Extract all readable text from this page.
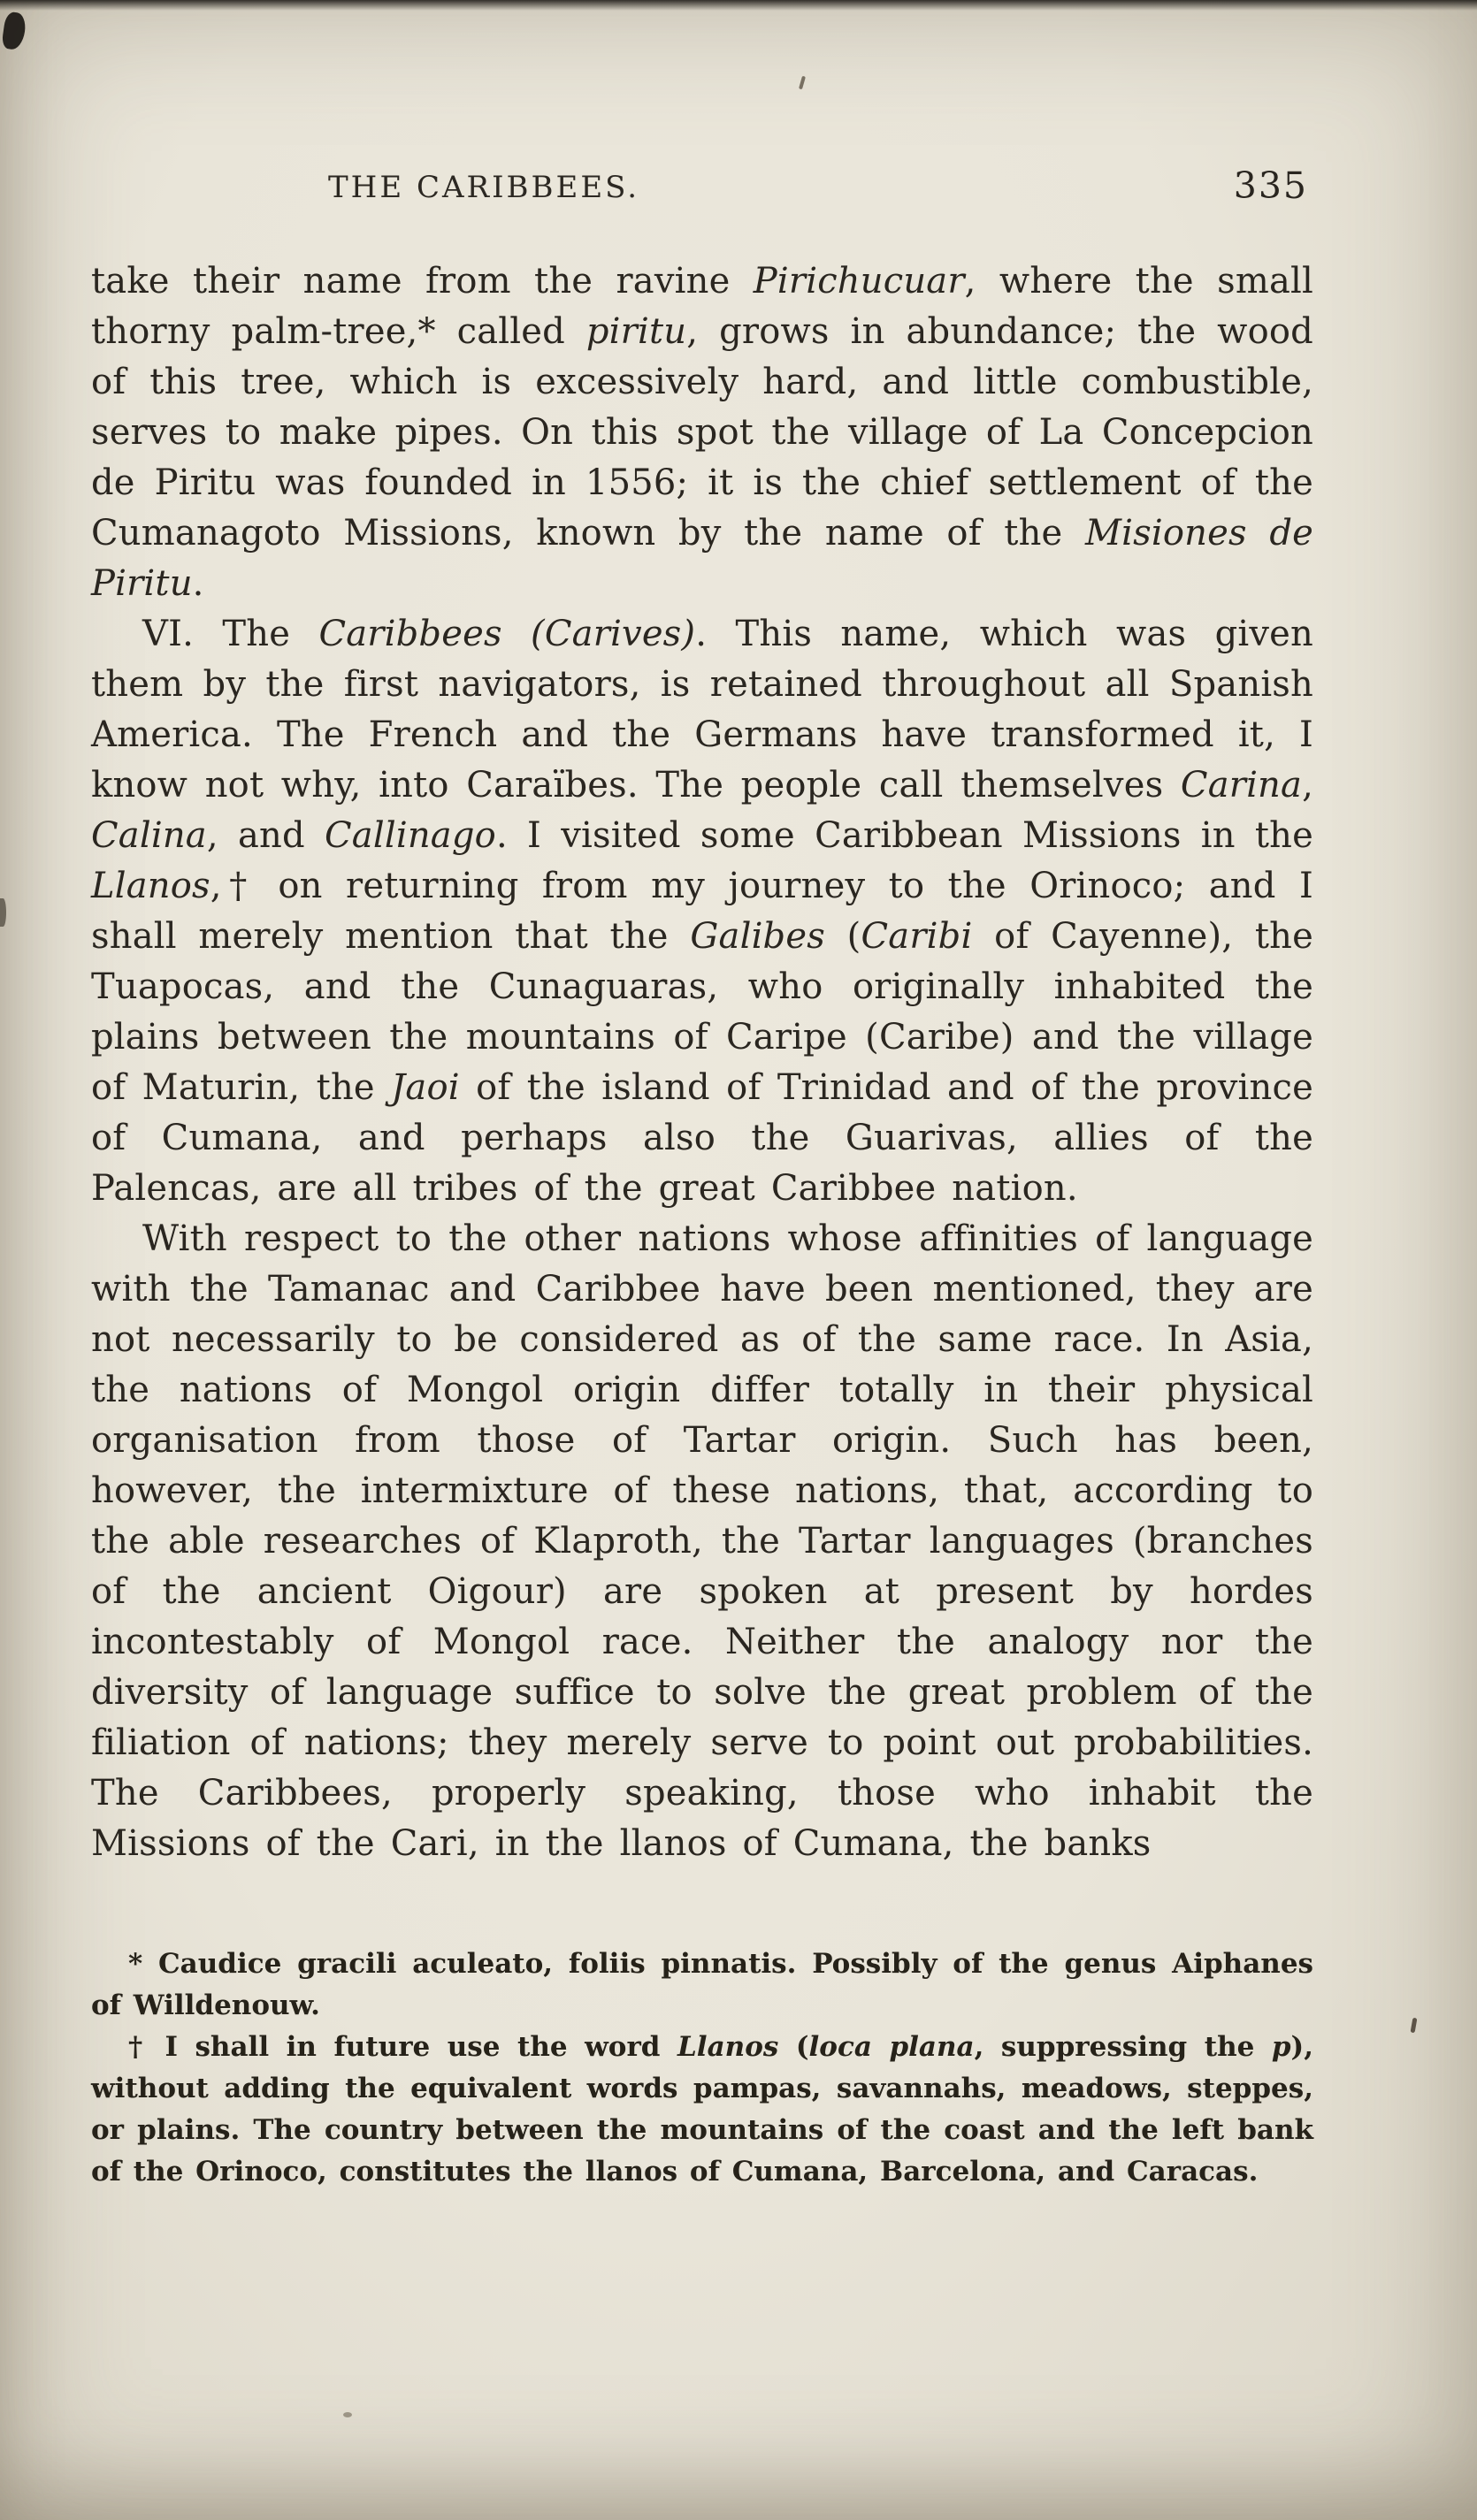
THE CARIBBEES.	335

take their name from the ravine Pirichucuar, where the small thorny palm-tree,* called piritu, grows in abundance; the wood of this tree, which is excessively hard, and little combustible, serves to make pipes. On this spot the village of La Concepcion de Piritu was founded in 1556; it is the chief settlement of the Cumanagoto Missions, known by the name of the Misiones de Piritu.

VI. The Caribbees (Carives). This name, which was given them by the first navigators, is retained throughout all Spanish America. The French and the Germans have transformed it, I know not why, into Caraïbes. The people call themselves Carina, Calina, and Callinago. I visited some Caribbean Missions in the Llanos,† on returning from my journey to the Orinoco; and I shall merely mention that the Galibes (Caribi of Cayenne), the Tuapocas, and the Cunaguaras, who originally inhabited the plains between the mountains of Caripe (Caribe) and the village of Maturin, the Jaoi of the island of Trinidad and of the province of Cumana, and perhaps also the Guarivas, allies of the Palencas, are all tribes of the great Caribbee nation.

With respect to the other nations whose affinities of language with the Tamanac and Caribbee have been mentioned, they are not necessarily to be considered as of the same race. In Asia, the nations of Mongol origin differ totally in their physical organisation from those of Tartar origin. Such has been, however, the intermixture of these nations, that, according to the able researches of Klaproth, the Tartar languages (branches of the ancient Oigour) are spoken at present by hordes incontestably of Mongol race. Neither the analogy nor the diversity of language suffice to solve the great problem of the filiation of nations; they merely serve to point out probabilities. The Caribbees, properly speaking, those who inhabit the Missions of the Cari, in the llanos of Cumana, the banks

* Caudice gracili aculeato, foliis pinnatis. Possibly of the genus Aiphanes of Willdenouw.

† I shall in future use the word Llanos (loca plana, suppressing the p), without adding the equivalent words pampas, savannahs, meadows, steppes, or plains. The country between the mountains of the coast and the left bank of the Orinoco, constitutes the llanos of Cumana, Barcelona, and Caracas.
